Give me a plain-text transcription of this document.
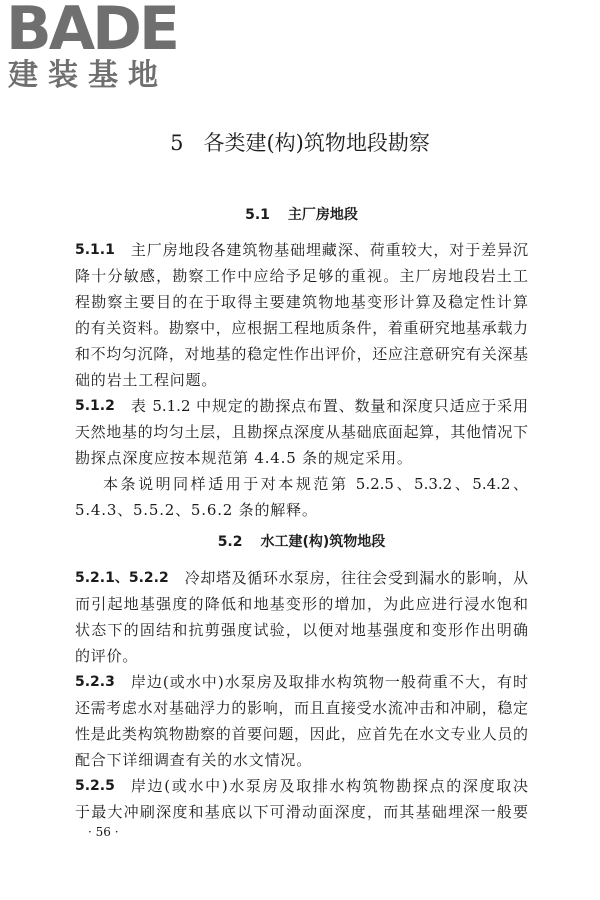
BADE
建装基地
5 各类建(构)筑物地段勘察
5.1 主厂房地段
5.1.1 主厂房地段各建筑物基础埋藏深、荷重较大，对于差异沉
降十分敏感，勘察工作中应给予足够的重视。主厂房地段岩土工
程勘察主要目的在于取得主要建筑物地基变形计算及稳定性计算
的有关资料。勘察中，应根据工程地质条件，着重研究地基承载力
和不均匀沉降，对地基的稳定性作出评价，还应注意研究有关深基
础的岩土工程问题。
5.1.2 表 5.1.2 中规定的勘探点布置、数量和深度只适应于采用
天然地基的均匀土层，且勘探点深度从基础底面起算，其他情况下
勘探点深度应按本规范第 4.4.5 条的规定采用。
本条说明同样适用于对本规范第 5.2.5、5.3.2、5.4.2、
5.4.3、5.5.2、5.6.2 条的解释。
5.2 水工建(构)筑物地段
5.2.1、5.2.2 冷却塔及循环水泵房，往往会受到漏水的影响，从
而引起地基强度的降低和地基变形的增加，为此应进行浸水饱和
状态下的固结和抗剪强度试验，以便对地基强度和变形作出明确
的评价。
5.2.3 岸边(或水中)水泵房及取排水构筑物一般荷重不大，有时
还需考虑水对基础浮力的影响，而且直接受水流冲击和冲刷，稳定
性是此类构筑物勘察的首要问题，因此，应首先在水文专业人员的
配合下详细调查有关的水文情况。
5.2.5 岸边(或水中)水泵房及取排水构筑物勘探点的深度取决
于最大冲刷深度和基底以下可滑动面深度，而其基础埋深一般要
· 56 ·
